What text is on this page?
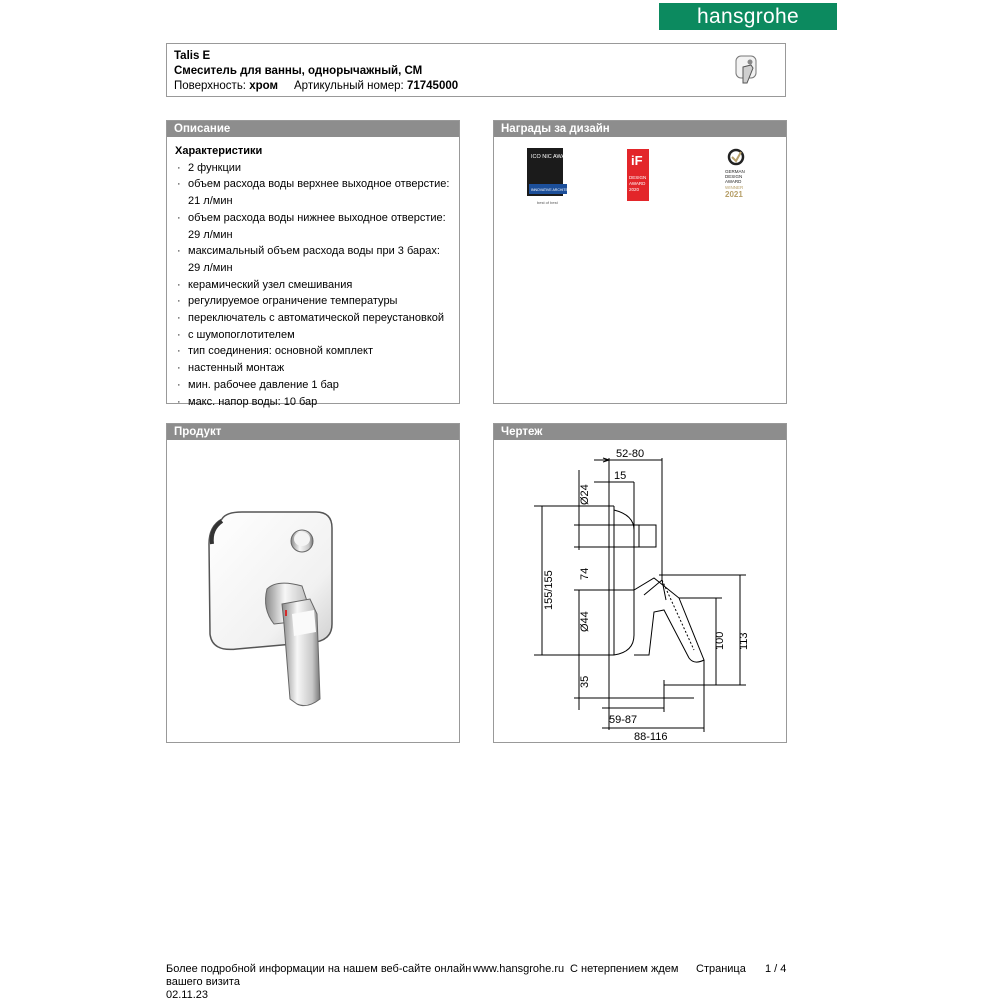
hansgrohe
Talis E
Смеситель для ванны, однорычажный, СМ
Поверхность: хром Артикульный номер: 71745000
Описание
Характеристики
· 2 функции
· объем расхода воды верхнее выходное отверстие: 21 л/мин
· объем расхода воды нижнее выходное отверстие: 29 л/мин
· максимальный объем расхода воды при 3 барах: 29 л/мин
· керамический узел смешивания
· регулируемое ограничение температуры
· переключатель с автоматической переустановкой
· с шумопоглотителем
· тип соединения: основной комплект
· настенный монтаж
· мин. рабочее давление 1 бар
· макс. напор воды: 10 бар
Награды за дизайн
ICO NIC AWA RDS 2020
INNOVATIVE ARCHITECTURE
best of best
iF
DESIGN
AWARD
2020
GERMAN
DESIGN
AWARD
WINNER
2021
Продукт	Чертеж
52-80
15
59-87
88-116
Ø24
74
155/155
Ø44
35
100 113
Более подробной информации на нашем веб-сайте онлайн www.hansgrohe.ru С нетерпением ждем Страница 1 / 4
вашего визита
02.11.23
